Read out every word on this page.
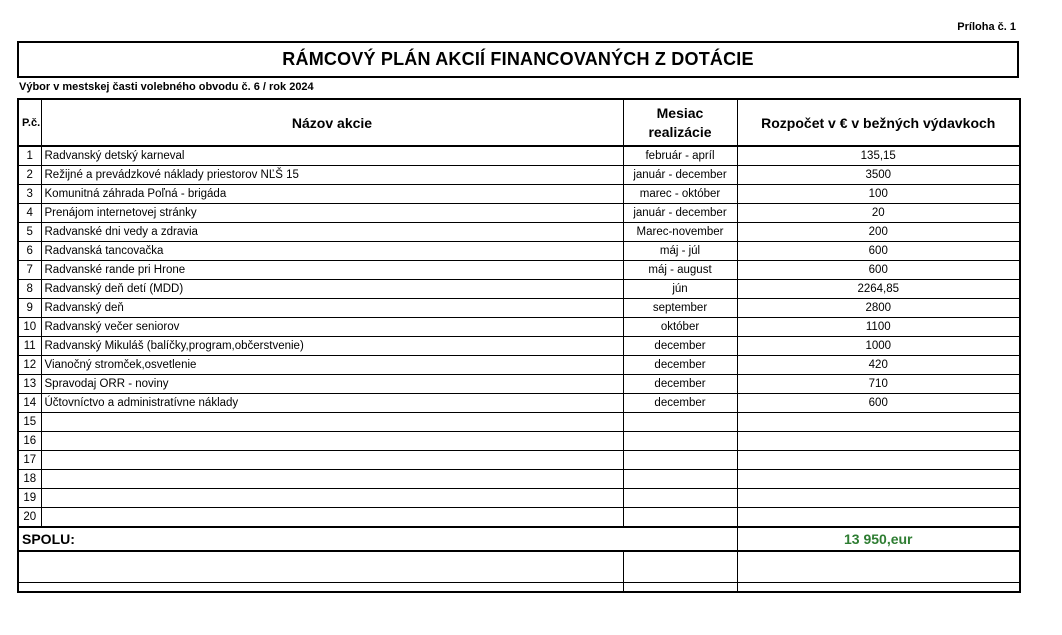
Príloha č. 1
RÁMCOVÝ PLÁN AKCIÍ FINANCOVANÝCH Z DOTÁCIE
Výbor v mestskej časti volebného obvodu č. 6 / rok 2024
P.č.	Názov akcie	Mesiac realizácie	Rozpočet v € v bežných výdavkoch
1	Radvanský detský karneval	február - apríl	135,15
2	Režijné a prevádzkové náklady priestorov NĽŠ 15	január - december	3500
3	Komunitná záhrada Poľná - brigáda	marec - október	100
4	Prenájom internetovej stránky	január - december	20
5	Radvanské dni vedy a zdravia	Marec-november	200
6	Radvanská tancovačka	máj - júl	600
7	Radvanské rande pri Hrone	máj - august	600
8	Radvanský deň detí (MDD)	jún	2264,85
9	Radvanský deň	september	2800
10	Radvanský večer seniorov	október	1100
11	Radvanský Mikuláš (balíčky,program,občerstvenie)	december	1000
12	Vianočný stromček,osvetlenie	december	420
13	Spravodaj ORR - noviny	december	710
14	Účtovníctvo a administratívne náklady	december	600
15			
16			
17			
18			
19			
20			
SPOLU:			13 950,eur
